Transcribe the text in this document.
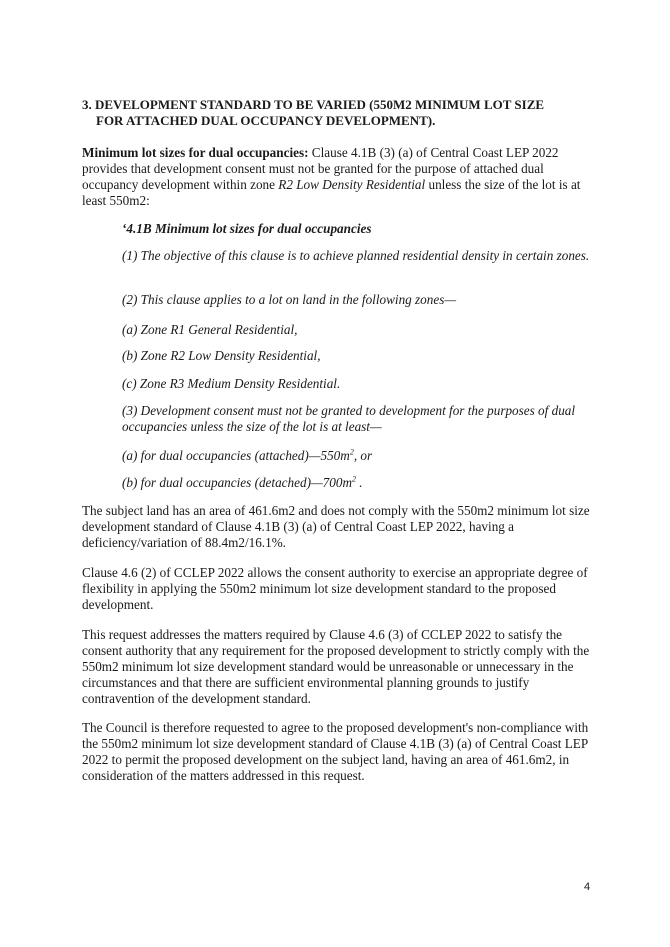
3. DEVELOPMENT STANDARD TO BE VARIED (550M2 MINIMUM LOT SIZE
FOR ATTACHED DUAL OCCUPANCY DEVELOPMENT).

Minimum lot sizes for dual occupancies: Clause 4.1B (3) (a) of Central Coast LEP 2022 provides that development consent must not be granted for the purpose of attached dual occupancy development within zone R2 Low Density Residential unless the size of the lot is at least 550m2:

‘4.1B Minimum lot sizes for dual occupancies
(1) The objective of this clause is to achieve planned residential density in certain zones.
(2) This clause applies to a lot on land in the following zones—
(a) Zone R1 General Residential,
(b) Zone R2 Low Density Residential,
(c) Zone R3 Medium Density Residential.
(3) Development consent must not be granted to development for the purposes of dual occupancies unless the size of the lot is at least—
(a) for dual occupancies $(attached)—550m^2$, or
(b) for dual occupancies $(detached)—700m^2$ .

The subject land has an area of 461.6m2 and does not comply with the 550m2 minimum lot size development standard of Clause 4.1B (3) (a) of Central Coast LEP 2022, having a deficiency/variation of 88.4m2/16.1%.

Clause 4.6 (2) of CCLEP 2022 allows the consent authority to exercise an appropriate degree of flexibility in applying the 550m2 minimum lot size development standard to the proposed development.

This request addresses the matters required by Clause 4.6 (3) of CCLEP 2022 to satisfy the consent authority that any requirement for the proposed development to strictly comply with the 550m2 minimum lot size development standard would be unreasonable or unnecessary in the circumstances and that there are sufficient environmental planning grounds to justify contravention of the development standard.

The Council is therefore requested to agree to the proposed development's non-compliance with the 550m2 minimum lot size development standard of Clause 4.1B (3) (a) of Central Coast LEP 2022 to permit the proposed development on the subject land, having an area of 461.6m2, in consideration of the matters addressed in this request.

4
